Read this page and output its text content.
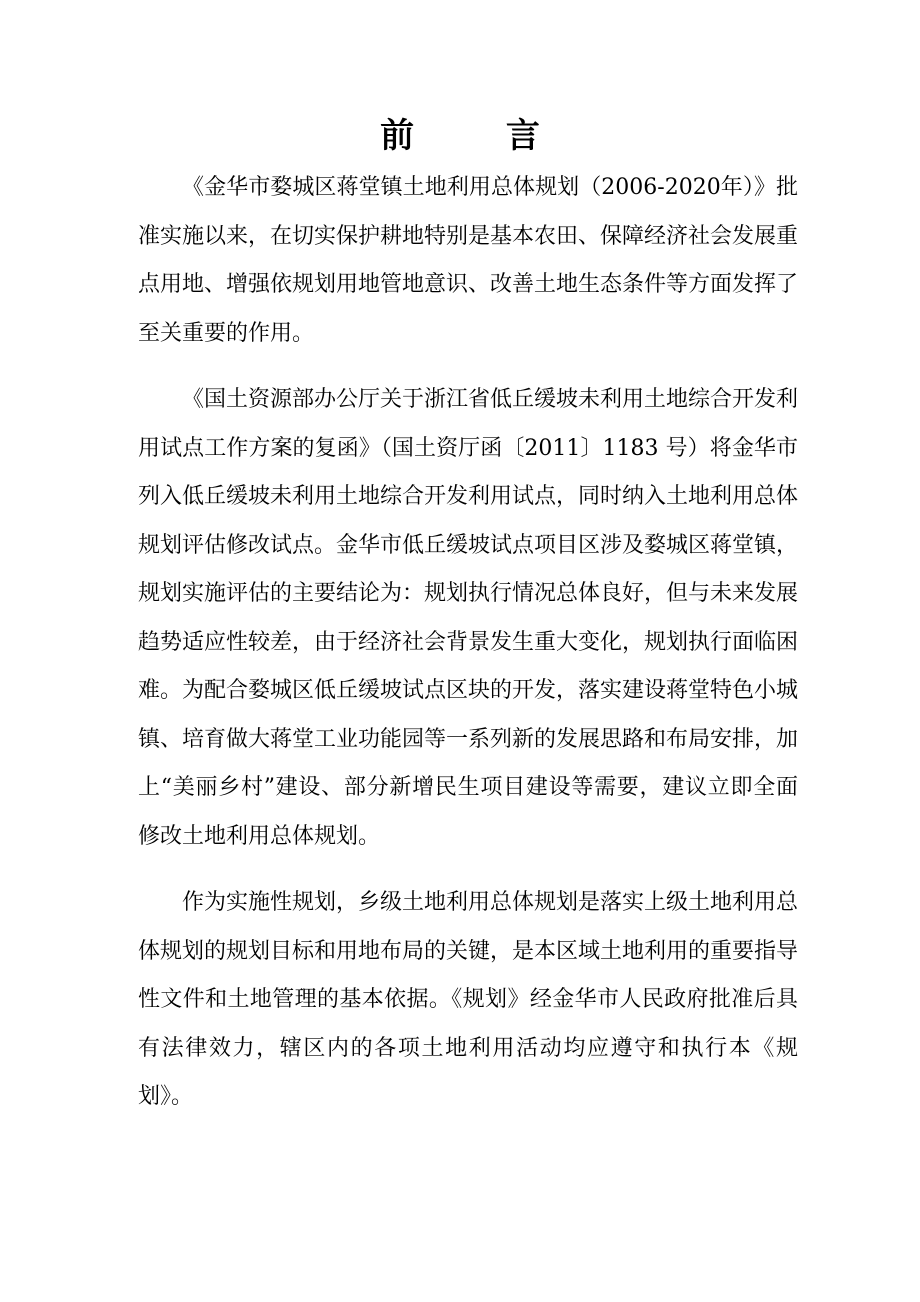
前 言

《金华市婺城区蒋堂镇土地利用总体规划（2006-2020年）》批准实施以来，在切实保护耕地特别是基本农田、保障经济社会发展重点用地、增强依规划用地管地意识、改善土地生态条件等方面发挥了至关重要的作用。

《国土资源部办公厅关于浙江省低丘缓坡未利用土地综合开发利用试点工作方案的复函》（国土资厅函〔2011〕1183 号）将金华市列入低丘缓坡未利用土地综合开发利用试点，同时纳入土地利用总体规划评估修改试点。金华市低丘缓坡试点项目区涉及婺城区蒋堂镇，规划实施评估的主要结论为：规划执行情况总体良好，但与未来发展趋势适应性较差，由于经济社会背景发生重大变化，规划执行面临困难。为配合婺城区低丘缓坡试点区块的开发，落实建设蒋堂特色小城镇、培育做大蒋堂工业功能园等一系列新的发展思路和布局安排，加上“美丽乡村”建设、部分新增民生项目建设等需要，建议立即全面修改土地利用总体规划。

作为实施性规划，乡级土地利用总体规划是落实上级土地利用总体规划的规划目标和用地布局的关键，是本区域土地利用的重要指导性文件和土地管理的基本依据。《规划》经金华市人民政府批准后具有法律效力，辖区内的各项土地利用活动均应遵守和执行本《规划》。
